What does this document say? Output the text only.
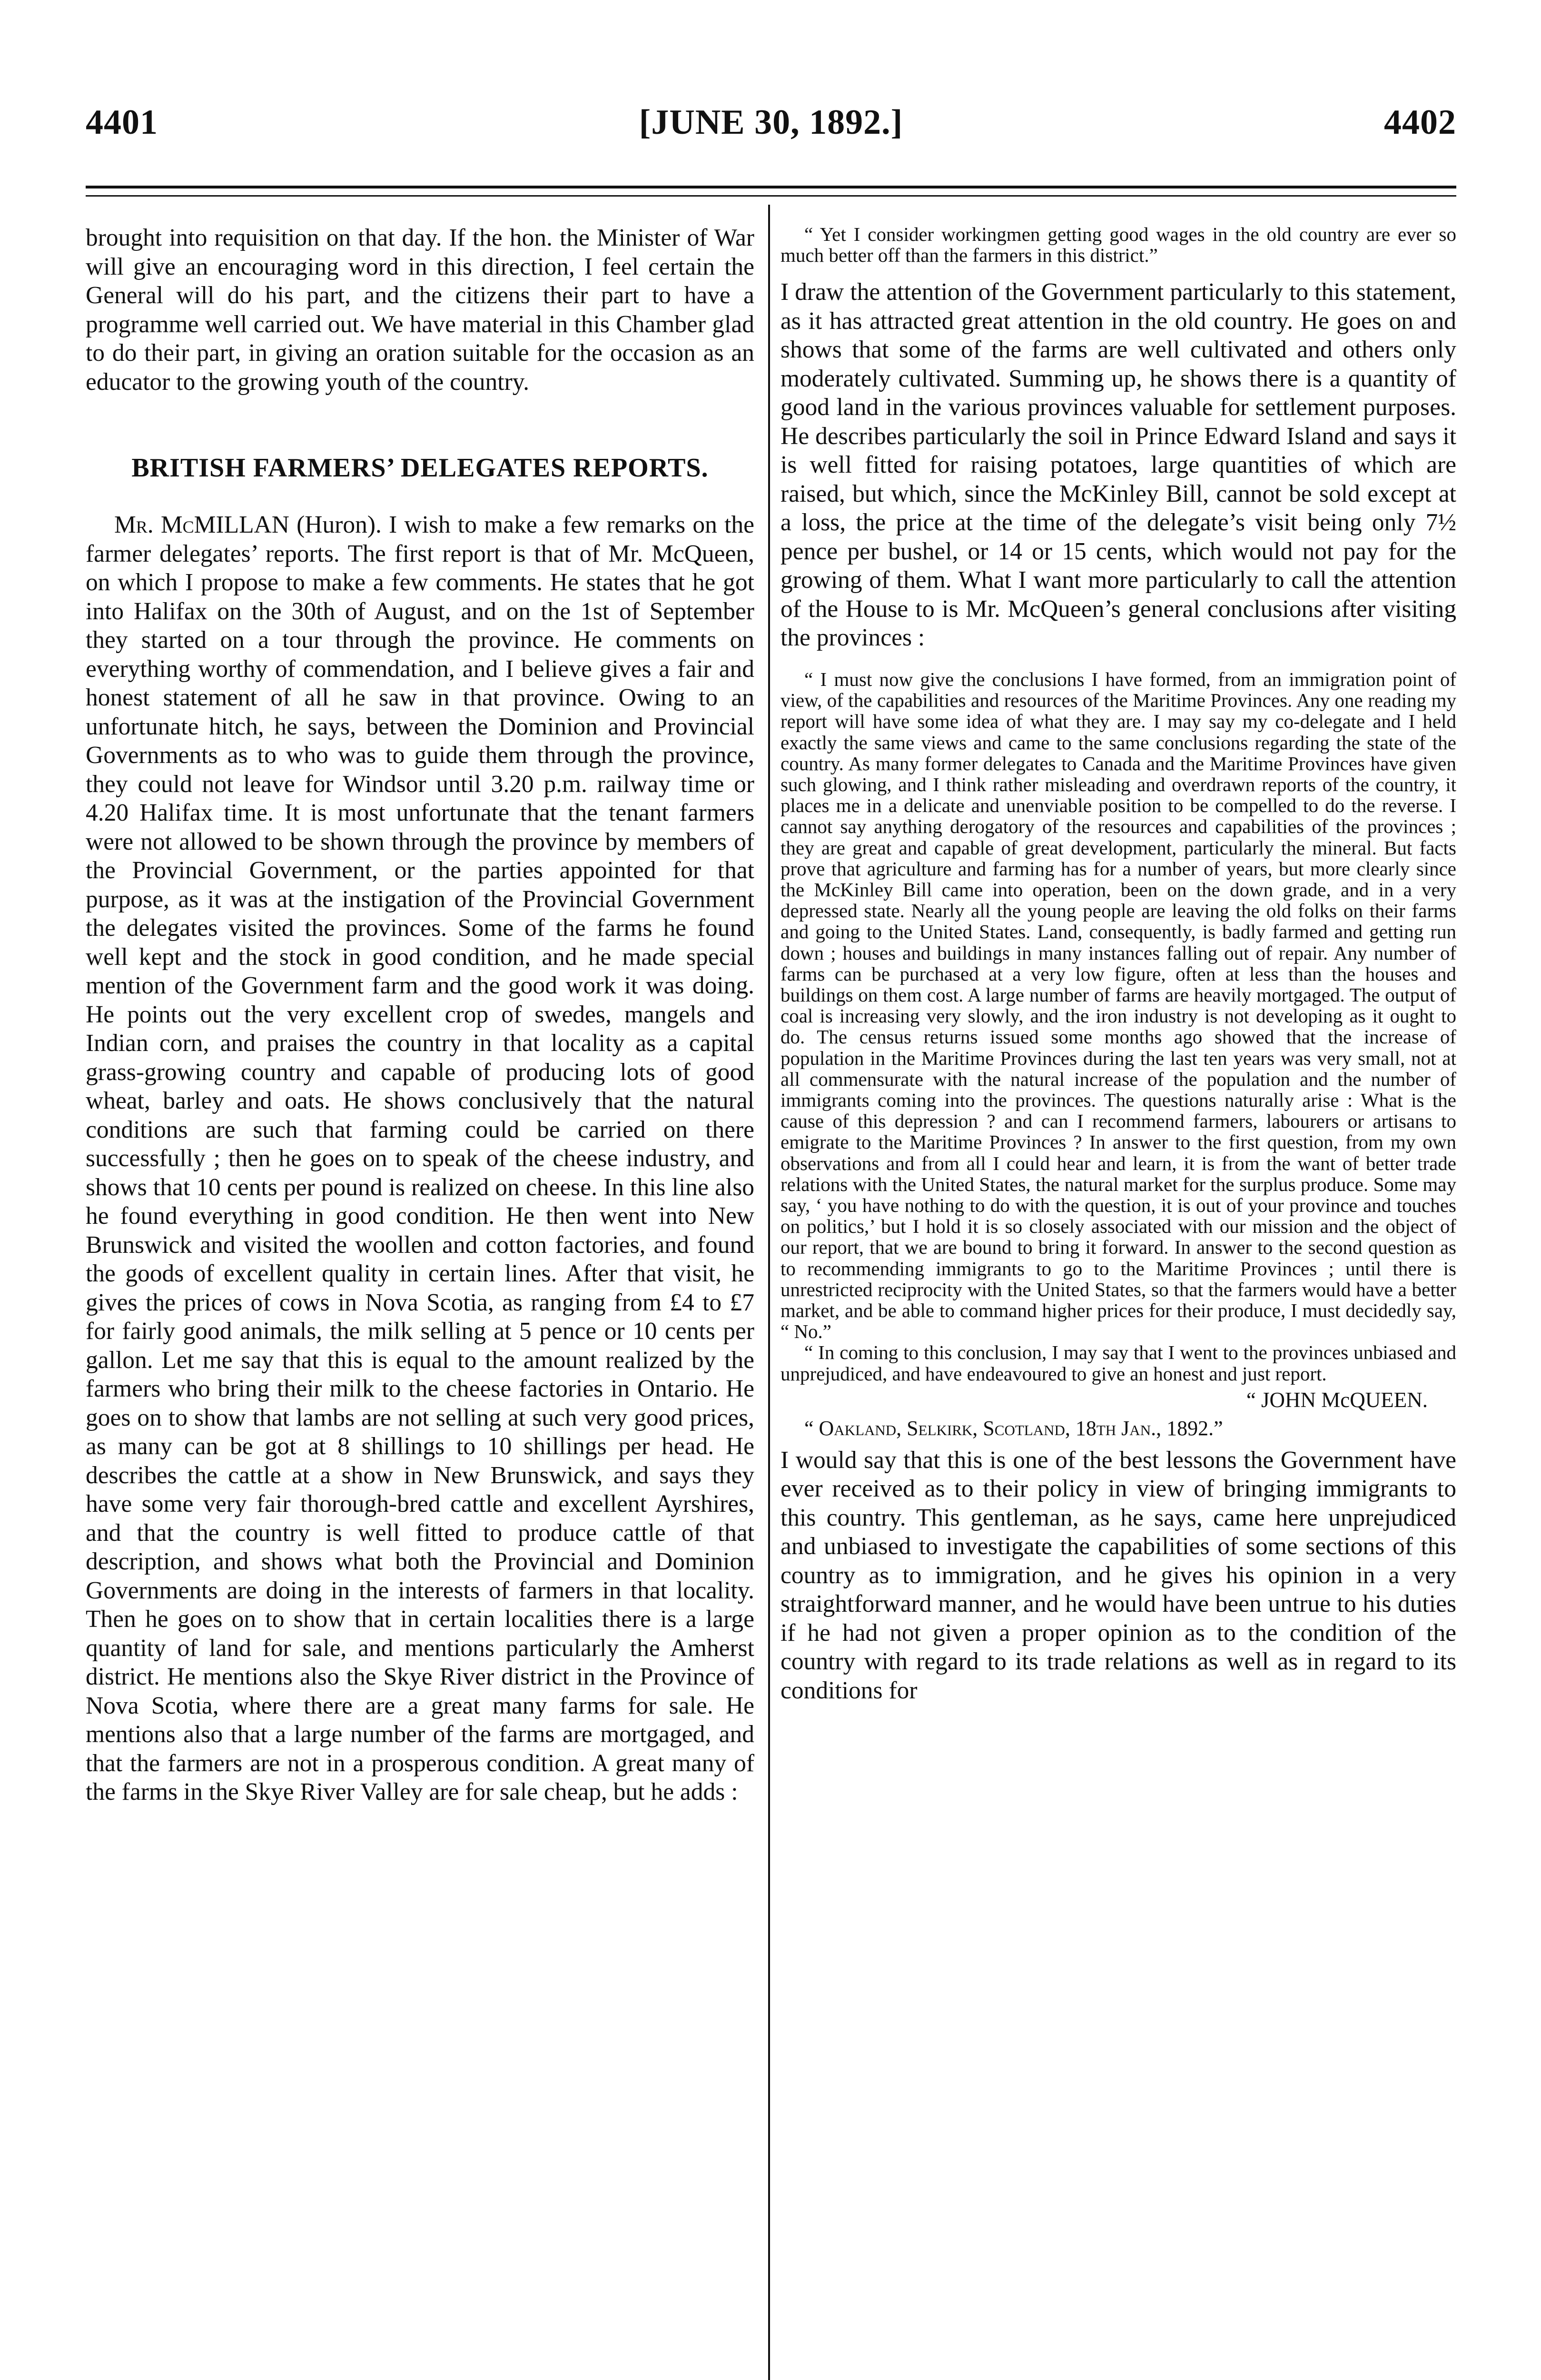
4401	[JUNE 30, 1892.]	4402

brought into requisition on that day. If the hon. the Minister of War will give an encouraging word in this direction, I feel certain the General will do his part, and the citizens their part to have a programme well carried out. We have material in this Chamber glad to do their part, in giving an oration suitable for the occasion as an educator to the growing youth of the country.

BRITISH FARMERS’ DELEGATES REPORTS.

Mr. McMILLAN (Huron). I wish to make a few remarks on the farmer delegates’ reports. The first report is that of Mr. McQueen, on which I propose to make a few comments. He states that he got into Halifax on the 30th of August, and on the 1st of September they started on a tour through the province. He comments on everything worthy of commendation, and I believe gives a fair and honest statement of all he saw in that province. Owing to an unfortunate hitch, he says, between the Dominion and Provincial Governments as to who was to guide them through the province, they could not leave for Windsor until 3.20 p.m. railway time or 4.20 Halifax time. It is most unfortunate that the tenant farmers were not allowed to be shown through the province by members of the Provincial Government, or the parties appointed for that purpose, as it was at the instigation of the Provincial Government the delegates visited the provinces. Some of the farms he found well kept and the stock in good condition, and he made special mention of the Government farm and the good work it was doing. He points out the very excellent crop of swedes, mangels and Indian corn, and praises the country in that locality as a capital grass-growing country and capable of producing lots of good wheat, barley and oats. He shows conclusively that the natural conditions are such that farming could be carried on there successfully ; then he goes on to speak of the cheese industry, and shows that 10 cents per pound is realized on cheese. In this line also he found everything in good condition. He then went into New Brunswick and visited the woollen and cotton factories, and found the goods of excellent quality in certain lines. After that visit, he gives the prices of cows in Nova Scotia, as ranging from £4 to £7 for fairly good animals, the milk selling at 5 pence or 10 cents per gallon. Let me say that this is equal to the amount realized by the farmers who bring their milk to the cheese factories in Ontario. He goes on to show that lambs are not selling at such very good prices, as many can be got at 8 shillings to 10 shillings per head. He describes the cattle at a show in New Brunswick, and says they have some very fair thorough-bred cattle and excellent Ayrshires, and that the country is well fitted to produce cattle of that description, and shows what both the Provincial and Dominion Governments are doing in the interests of farmers in that locality. Then he goes on to show that in certain localities there is a large quantity of land for sale, and mentions particularly the Amherst district. He mentions also the Skye River district in the Province of Nova Scotia, where there are a great many farms for sale. He mentions also that a large number of the farms are mortgaged, and that the farmers are not in a prosperous condition. A great many of the farms in the Skye River Valley are for sale cheap, but he adds :

“ Yet I consider workingmen getting good wages in the old country are ever so much better off than the farmers in this district.”

I draw the attention of the Government particularly to this statement, as it has attracted great attention in the old country. He goes on and shows that some of the farms are well cultivated and others only moderately cultivated. Summing up, he shows there is a quantity of good land in the various provinces valuable for settlement purposes. He describes particularly the soil in Prince Edward Island and says it is well fitted for raising potatoes, large quantities of which are raised, but which, since the McKinley Bill, cannot be sold except at a loss, the price at the time of the delegate’s visit being only 7½ pence per bushel, or 14 or 15 cents, which would not pay for the growing of them. What I want more particularly to call the attention of the House to is Mr. McQueen’s general conclusions after visiting the provinces :

“ I must now give the conclusions I have formed, from an immigration point of view, of the capabilities and resources of the Maritime Provinces. Any one reading my report will have some idea of what they are. I may say my co-delegate and I held exactly the same views and came to the same conclusions regarding the state of the country. As many former delegates to Canada and the Maritime Provinces have given such glowing, and I think rather misleading and overdrawn reports of the country, it places me in a delicate and unenviable position to be compelled to do the reverse. I cannot say anything derogatory of the resources and capabilities of the provinces ; they are great and capable of great development, particularly the mineral. But facts prove that agriculture and farming has for a number of years, but more clearly since the McKinley Bill came into operation, been on the down grade, and in a very depressed state. Nearly all the young people are leaving the old folks on their farms and going to the United States. Land, consequently, is badly farmed and getting run down ; houses and buildings in many instances falling out of repair. Any number of farms can be purchased at a very low figure, often at less than the houses and buildings on them cost. A large number of farms are heavily mortgaged. The output of coal is increasing very slowly, and the iron industry is not developing as it ought to do. The census returns issued some months ago showed that the increase of population in the Maritime Provinces during the last ten years was very small, not at all commensurate with the natural increase of the population and the number of immigrants coming into the provinces. The questions naturally arise : What is the cause of this depression ? and can I recommend farmers, labourers or artisans to emigrate to the Maritime Provinces ? In answer to the first question, from my own observations and from all I could hear and learn, it is from the want of better trade relations with the United States, the natural market for the surplus produce. Some may say, ‘ you have nothing to do with the question, it is out of your province and touches on politics,’ but I hold it is so closely associated with our mission and the object of our report, that we are bound to bring it forward. In answer to the second question as to recommending immigrants to go to the Maritime Provinces ; until there is unrestricted reciprocity with the United States, so that the farmers would have a better market, and be able to command higher prices for their produce, I must decidedly say, “ No.”

“ In coming to this conclusion, I may say that I went to the provinces unbiased and unprejudiced, and have endeavoured to give an honest and just report.

“ JOHN McQUEEN.

“ Oakland, Selkirk, Scotland, 18th Jan., 1892.”

I would say that this is one of the best lessons the Government have ever received as to their policy in view of bringing immigrants to this country. This gentleman, as he says, came here unprejudiced and unbiased to investigate the capabilities of some sections of this country as to immigration, and he gives his opinion in a very straightforward manner, and he would have been untrue to his duties if he had not given a proper opinion as to the condition of the country with regard to its trade relations as well as in regard to its conditions for
